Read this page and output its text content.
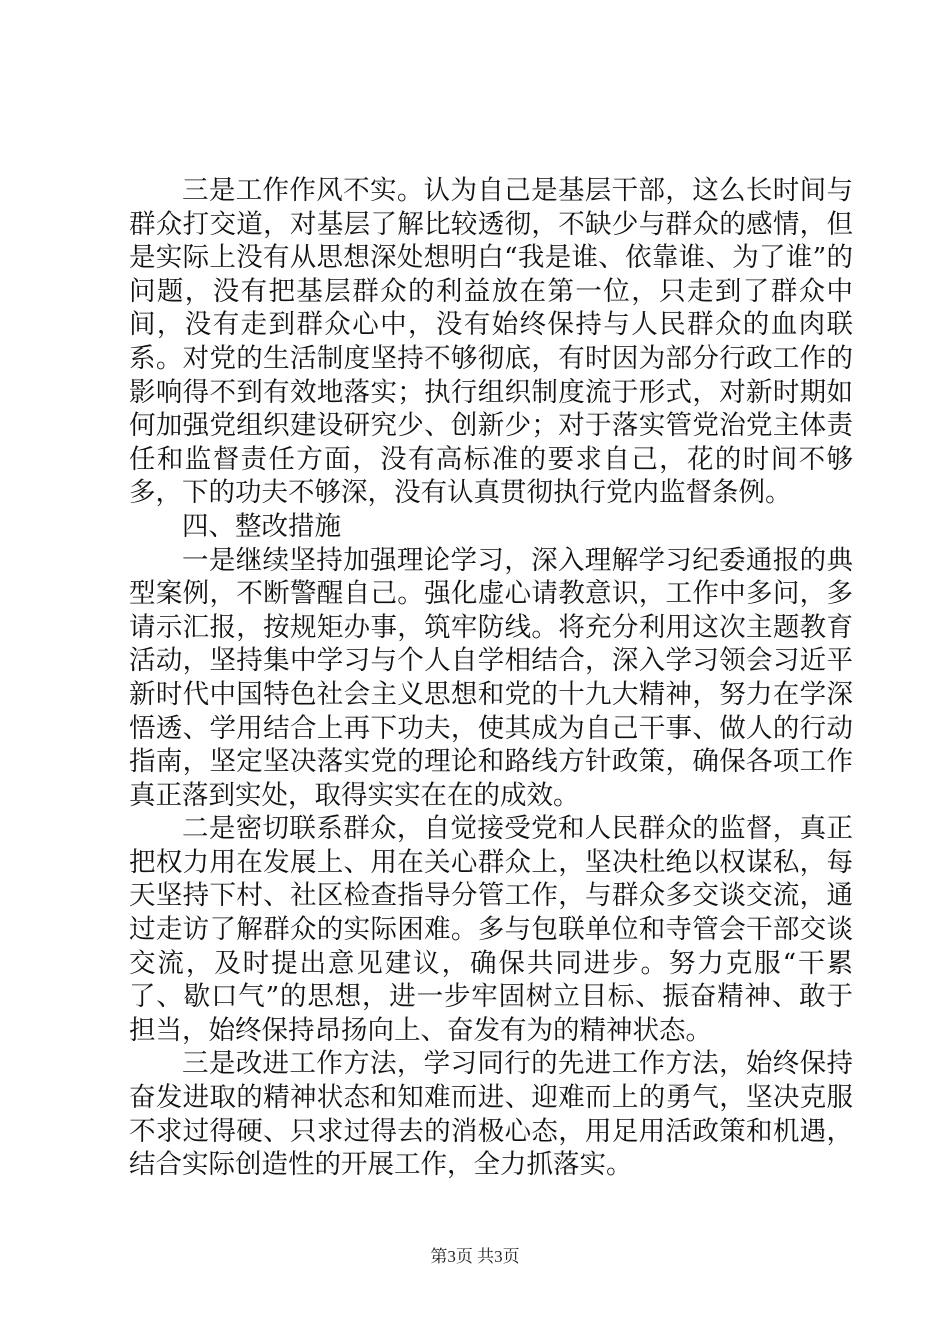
三是工作作风不实。认为自己是基层干部，这么长时间与群众打交道，对基层了解比较透彻，不缺少与群众的感情，但是实际上没有从思想深处想明白“我是谁、依靠谁、为了谁”的问题，没有把基层群众的利益放在第一位，只走到了群众中间，没有走到群众心中，没有始终保持与人民群众的血肉联系。对党的生活制度坚持不够彻底，有时因为部分行政工作的影响得不到有效地落实；执行组织制度流于形式，对新时期如何加强党组织建设研究少、创新少；对于落实管党治党主体责任和监督责任方面，没有高标准的要求自己，花的时间不够多，下的功夫不够深，没有认真贯彻执行党内监督条例。

四、整改措施

一是继续坚持加强理论学习，深入理解学习纪委通报的典型案例，不断警醒自己。强化虚心请教意识，工作中多问，多请示汇报，按规矩办事，筑牢防线。将充分利用这次主题教育活动，坚持集中学习与个人自学相结合，深入学习领会习近平新时代中国特色社会主义思想和党的十九大精神，努力在学深悟透、学用结合上再下功夫，使其成为自己干事、做人的行动指南，坚定坚决落实党的理论和路线方针政策，确保各项工作真正落到实处，取得实实在在的成效。

二是密切联系群众，自觉接受党和人民群众的监督，真正把权力用在发展上、用在关心群众上，坚决杜绝以权谋私，每天坚持下村、社区检查指导分管工作，与群众多交谈交流，通过走访了解群众的实际困难。多与包联单位和寺管会干部交谈交流，及时提出意见建议，确保共同进步。努力克服“干累了、歇口气”的思想，进一步牢固树立目标、振奋精神、敢于担当，始终保持昂扬向上、奋发有为的精神状态。

三是改进工作方法，学习同行的先进工作方法，始终保持奋发进取的精神状态和知难而进、迎难而上的勇气，坚决克服不求过得硬、只求过得去的消极心态，用足用活政策和机遇，结合实际创造性的开展工作，全力抓落实。

第3页 共3页
